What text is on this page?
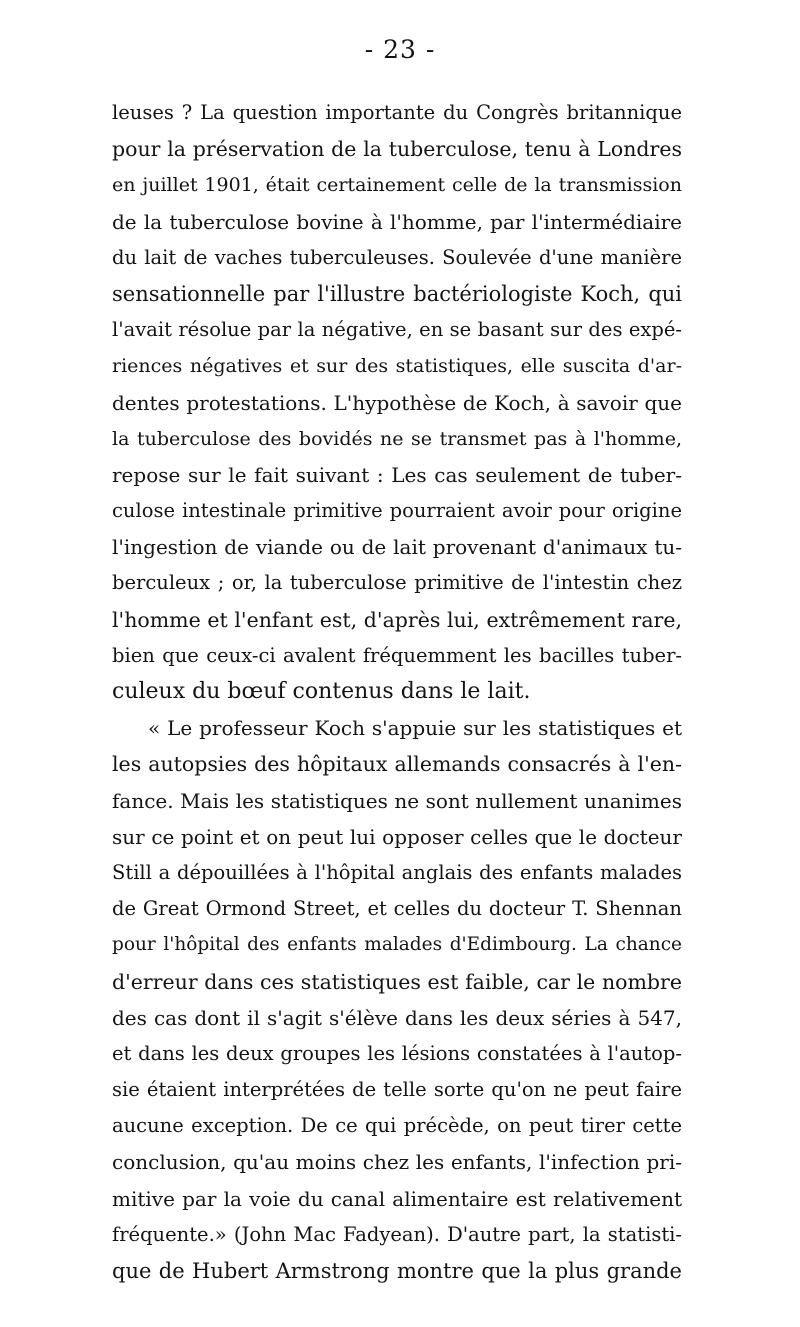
- 23 -
leuses ? La question importante du Congrès britannique
pour la préservation de la tuberculose, tenu à Londres
en juillet 1901, était certainement celle de la transmission
de la tuberculose bovine à l'homme, par l'intermédiaire
du lait de vaches tuberculeuses. Soulevée d'une manière
sensationnelle par l'illustre bactériologiste Koch, qui
l'avait résolue par la négative, en se basant sur des expé-
riences négatives et sur des statistiques, elle suscita d'ar-
dentes protestations. L'hypothèse de Koch, à savoir que
la tuberculose des bovidés ne se transmet pas à l'homme,
repose sur le fait suivant : Les cas seulement de tuber-
culose intestinale primitive pourraient avoir pour origine
l'ingestion de viande ou de lait provenant d'animaux tu-
berculeux ; or, la tuberculose primitive de l'intestin chez
l'homme et l'enfant est, d'après lui, extrêmement rare,
bien que ceux-ci avalent fréquemment les bacilles tuber-
culeux du bœuf contenus dans le lait.
« Le professeur Koch s'appuie sur les statistiques et
les autopsies des hôpitaux allemands consacrés à l'en-
fance. Mais les statistiques ne sont nullement unanimes
sur ce point et on peut lui opposer celles que le docteur
Still a dépouillées à l'hôpital anglais des enfants malades
de Great Ormond Street, et celles du docteur T. Shennan
pour l'hôpital des enfants malades d'Edimbourg. La chance
d'erreur dans ces statistiques est faible, car le nombre
des cas dont il s'agit s'élève dans les deux séries à 547,
et dans les deux groupes les lésions constatées à l'autop-
sie étaient interprétées de telle sorte qu'on ne peut faire
aucune exception. De ce qui précède, on peut tirer cette
conclusion, qu'au moins chez les enfants, l'infection pri-
mitive par la voie du canal alimentaire est relativement
fréquente.» (John Mac Fadyean). D'autre part, la statisti-
que de Hubert Armstrong montre que la plus grande
